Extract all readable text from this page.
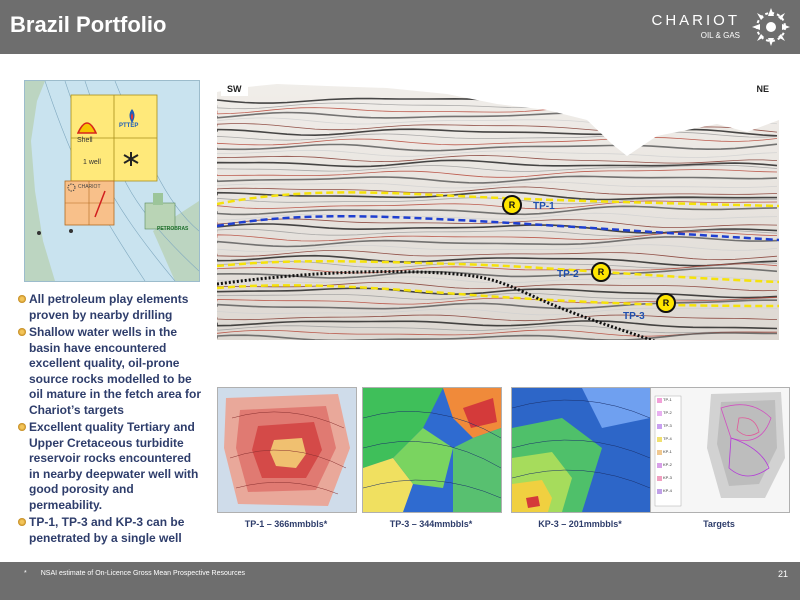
Brazil Portfolio	CHARIOT
OIL & GAS
Shell
PTTEP
1 well
CHARIOT
PETROBRAS
All petroleum play elements proven by nearby drilling
Shallow water wells in the basin have encountered excellent quality, oil-prone source rocks modelled to be oil mature in the fetch area for Chariot’s targets
Excellent quality Tertiary and Upper Cretaceous turbidite reservoir rocks encountered in nearby deepwater well with good porosity and permeability.
TP-1, TP-3 and KP-3 can be penetrated by a single well
SW	NE
R	TP-1
R
TP-2
R
TP-3
TP-1 – 366mmbbls*	TP-3 – 344mmbbls*	KP-3 – 201mmbbls*
TP-1
TP-2
TP-3
TP-4
KP-1
KP-2
KP-3
KP-4
Targets
* NSAI estimate of On-Licence Gross Mean Prospective Resources	21
